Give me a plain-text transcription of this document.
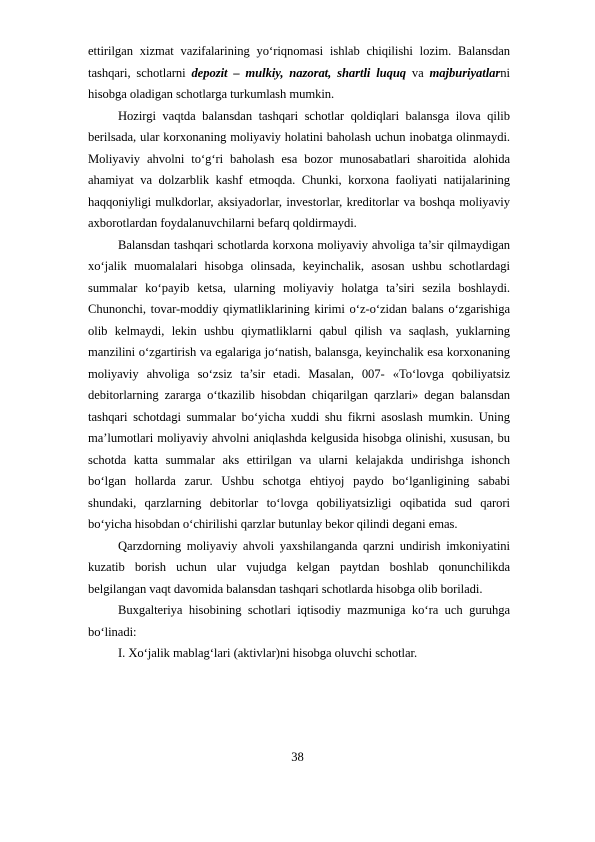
ettirilgan xizmat vazifalarining yo‘riqnomasi ishlab chiqilishi lozim. Balansdan tashqari, schotlarni depozit – mulkiy, nazorat, shartli luquq va majburiyatlarni hisobga oladigan schotlarga turkumlash mumkin.

Hozirgi vaqtda balansdan tashqari schotlar qoldiqlari balansga ilova qilib berilsada, ular korxonaning moliyaviy holatini baholash uchun inobatga olinmaydi. Moliyaviy ahvolni to‘g‘ri baholash esa bozor munosabatlari sharoitida alohida ahamiyat va dolzarblik kashf etmoqda. Chunki, korxona faoliyati natijalarining haqqoniyligi mulkdorlar, aksiyadorlar, investorlar, kreditorlar va boshqa moliyaviy axborotlardan foydalanuvchilarni befarq qoldirmaydi.

Balansdan tashqari schotlarda korxona moliyaviy ahvoliga ta’sir qilmaydigan xo‘jalik muomalalari hisobga olinsada, keyinchalik, asosan ushbu schotlardagi summalar ko‘payib ketsa, ularning moliyaviy holatga ta’siri sezila boshlaydi. Chunonchi, tovar-moddiy qiymatliklarining kirimi o‘z-o‘zidan balans o‘zgarishiga olib kelmaydi, lekin ushbu qiymatliklarni qabul qilish va saqlash, yuklarning manzilini o‘zgartirish va egalariga jo‘natish, balansga, keyinchalik esa korxonaning moliyaviy ahvoliga so‘zsiz ta’sir etadi. Masalan, 007- «To‘lovga qobiliyatsiz debitorlarning zararga o‘tkazilib hisobdan chiqarilgan qarzlari» degan balansdan tashqari schotdagi summalar bo‘yicha xuddi shu fikrni asoslash mumkin. Uning ma’lumotlari moliyaviy ahvolni aniqlashda kelgusida hisobga olinishi, xususan, bu schotda katta summalar aks ettirilgan va ularni kelajakda undirishga ishonch bo‘lgan hollarda zarur. Ushbu schotga ehtiyoj paydo bo‘lganligining sababi shundaki, qarzlarning debitorlar to‘lovga qobiliyatsizligi oqibatida sud qarori bo‘yicha hisobdan o‘chirilishi qarzlar butunlay bekor qilindi degani emas.

Qarzdorning moliyaviy ahvoli yaxshilanganda qarzni undirish imkoniyatini kuzatib borish uchun ular vujudga kelgan paytdan boshlab qonunchilikda belgilangan vaqt davomida balansdan tashqari schotlarda hisobga olib boriladi.

Buxgalteriya hisobining schotlari iqtisodiy mazmuniga ko‘ra uch guruhga bo‘linadi:

I. Xo‘jalik mablag‘lari (aktivlar)ni hisobga oluvchi schotlar.

38
